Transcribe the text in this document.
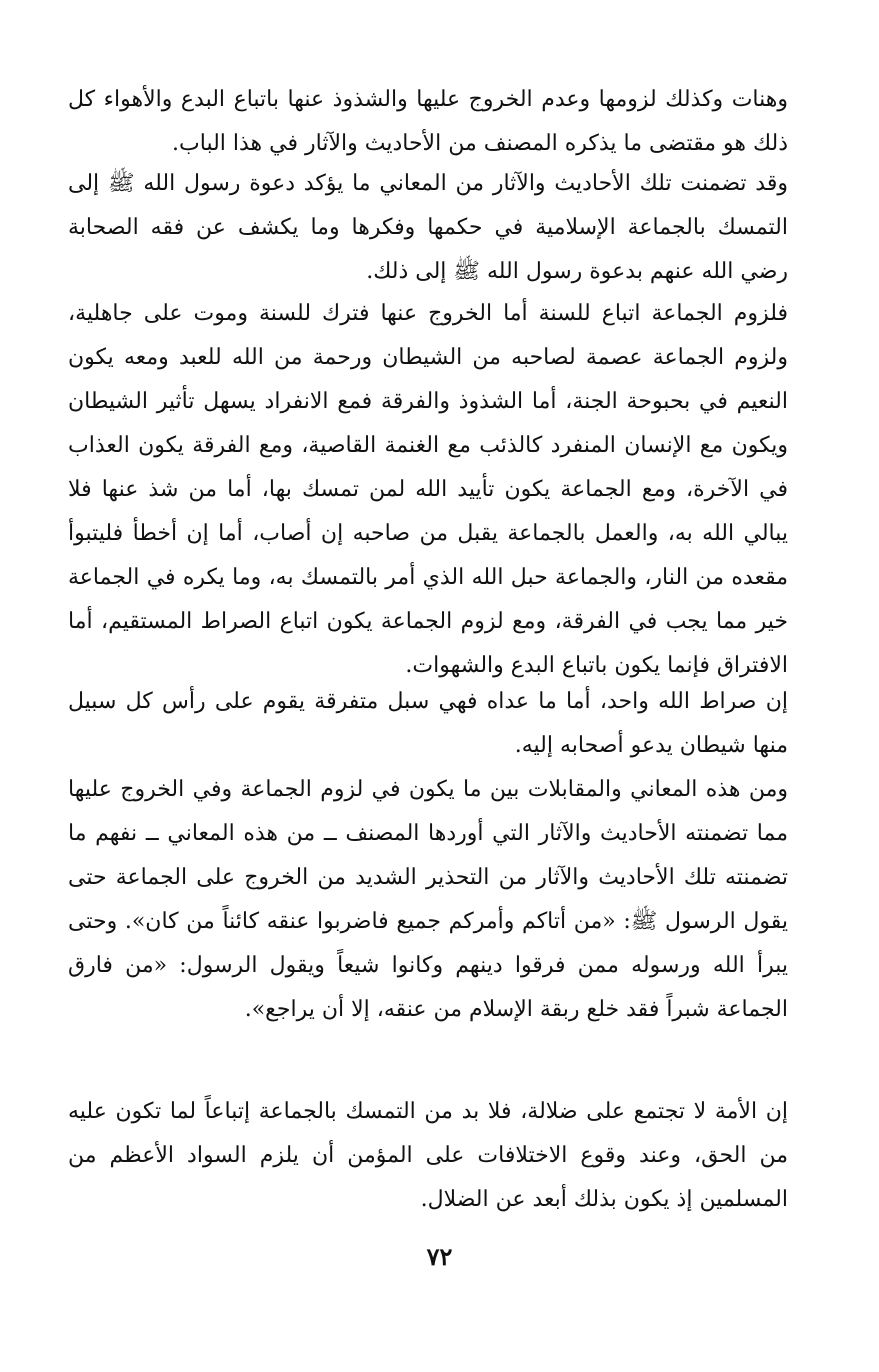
وهنات وكذلك لزومها وعدم الخروج عليها والشذوذ عنها باتباع البدع والأهواء كل ذلك هو مقتضى ما يذكره المصنف من الأحاديث والآثار في هذا الباب.

وقد تضمنت تلك الأحاديث والآثار من المعاني ما يؤكد دعوة رسول الله ﷺ إلى التمسك بالجماعة الإسلامية في حكمها وفكرها وما يكشف عن فقه الصحابة رضي الله عنهم بدعوة رسول الله ﷺ إلى ذلك.

فلزوم الجماعة اتباع للسنة أما الخروج عنها فترك للسنة وموت على جاهلية، ولزوم الجماعة عصمة لصاحبه من الشيطان ورحمة من الله للعبد ومعه يكون النعيم في بحبوحة الجنة، أما الشذوذ والفرقة فمع الانفراد يسهل تأثير الشيطان ويكون مع الإنسان المنفرد كالذئب مع الغنمة القاصية، ومع الفرقة يكون العذاب في الآخرة، ومع الجماعة يكون تأييد الله لمن تمسك بها، أما من شذ عنها فلا يبالي الله به، والعمل بالجماعة يقبل من صاحبه إن أصاب، أما إن أخطأ فليتبوأ مقعده من النار، والجماعة حبل الله الذي أمر بالتمسك به، وما يكره في الجماعة خير مما يجب في الفرقة، ومع لزوم الجماعة يكون اتباع الصراط المستقيم، أما الافتراق فإنما يكون باتباع البدع والشهوات.

إن صراط الله واحد، أما ما عداه فهي سبل متفرقة يقوم على رأس كل سبيل منها شيطان يدعو أصحابه إليه.

ومن هذه المعاني والمقابلات بين ما يكون في لزوم الجماعة وفي الخروج عليها مما تضمنته الأحاديث والآثار التي أوردها المصنف ــ من هذه المعاني ــ نفهم ما تضمنته تلك الأحاديث والآثار من التحذير الشديد من الخروج على الجماعة حتى يقول الرسول ﷺ: «من أتاكم وأمركم جميع فاضربوا عنقه كائناً من كان». وحتى يبرأ الله ورسوله ممن فرقوا دينهم وكانوا شيعاً ويقول الرسول: «من فارق الجماعة شبراً فقد خلع ربقة الإسلام من عنقه، إلا أن يراجع».

إن الأمة لا تجتمع على ضلالة، فلا بد من التمسك بالجماعة إتباعاً لما تكون عليه من الحق، وعند وقوع الاختلافات على المؤمن أن يلزم السواد الأعظم من المسلمين إذ يكون بذلك أبعد عن الضلال.

٧٢
